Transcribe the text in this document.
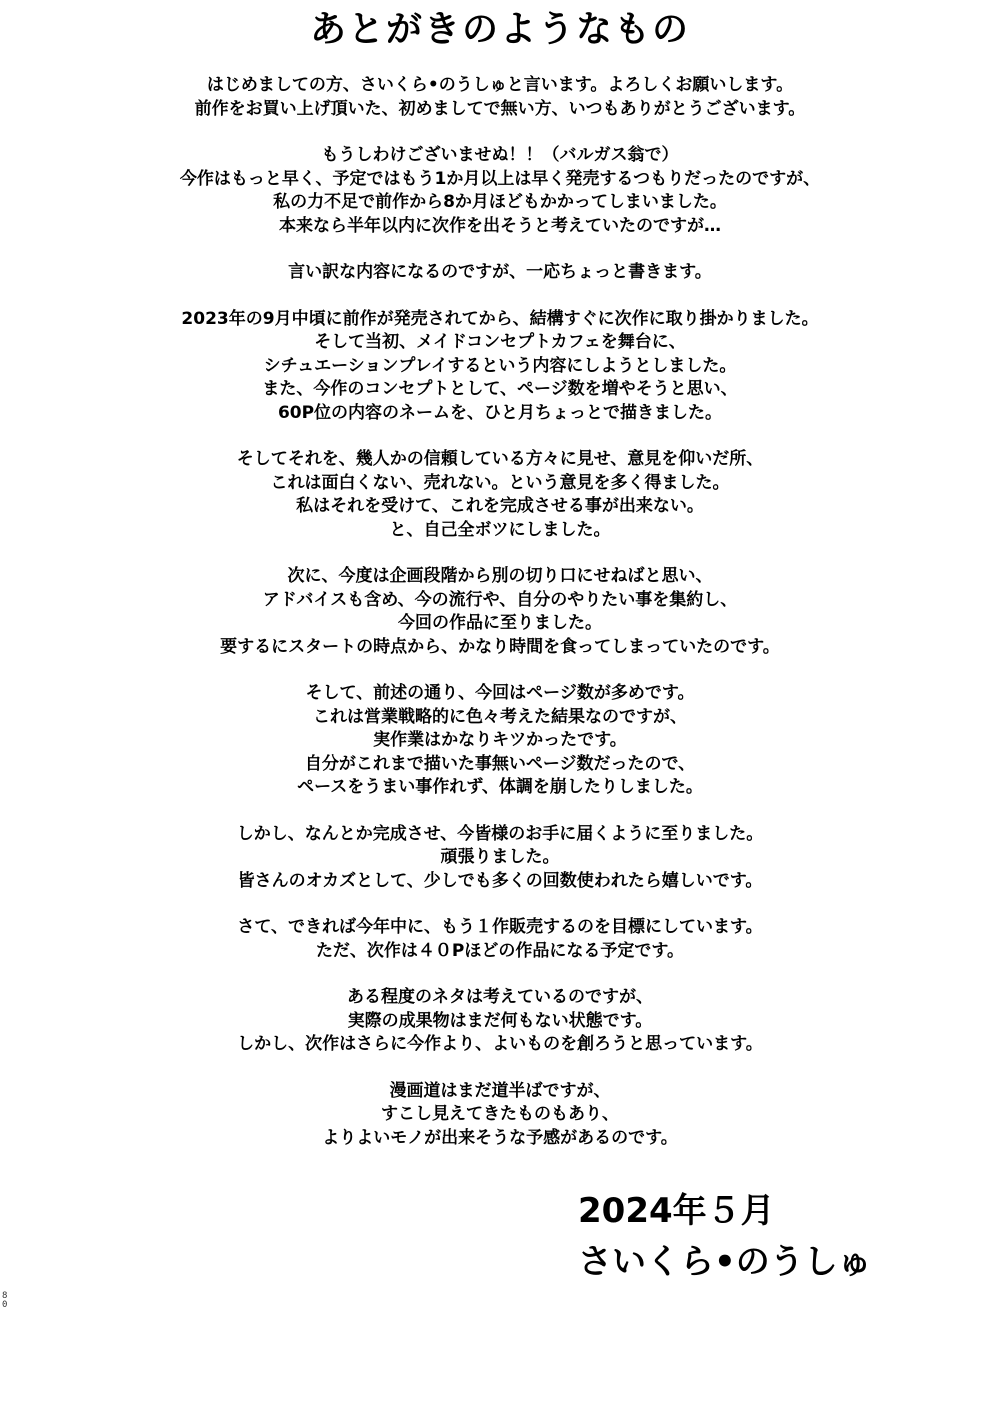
あとがきのようなもの
はじめましての方、さいくら•のうしゅと言います。よろしくお願いします。
前作をお買い上げ頂いた、初めましてで無い方、いつもありがとうございます。
もうしわけございませぬ！！（バルガス翁で）
今作はもっと早く、予定ではもう1か月以上は早く発売するつもりだったのですが、
私の力不足で前作から8か月ほどもかかってしまいました。
本来なら半年以内に次作を出そうと考えていたのですが…
言い訳な内容になるのですが、一応ちょっと書きます。
2023年の9月中頃に前作が発売されてから、結構すぐに次作に取り掛かりました。
そして当初、メイドコンセプトカフェを舞台に、
シチュエーションプレイするという内容にしようとしました。
また、今作のコンセプトとして、ページ数を増やそうと思い、
60P位の内容のネームを、ひと月ちょっとで描きました。
そしてそれを、幾人かの信頼している方々に見せ、意見を仰いだ所、
これは面白くない、売れない。という意見を多く得ました。
私はそれを受けて、これを完成させる事が出来ない。
と、自己全ボツにしました。
次に、今度は企画段階から別の切り口にせねばと思い、
アドバイスも含め、今の流行や、自分のやりたい事を集約し、
今回の作品に至りました。
要するにスタートの時点から、かなり時間を食ってしまっていたのです。
そして、前述の通り、今回はページ数が多めです。
これは営業戦略的に色々考えた結果なのですが、
実作業はかなりキツかったです。
自分がこれまで描いた事無いページ数だったので、
ペースをうまい事作れず、体調を崩したりしました。
しかし、なんとか完成させ、今皆様のお手に届くように至りました。
頑張りました。
皆さんのオカズとして、少しでも多くの回数使われたら嬉しいです。
さて、できれば今年中に、もう１作販売するのを目標にしています。
ただ、次作は４０Pほどの作品になる予定です。
ある程度のネタは考えているのですが、
実際の成果物はまだ何もない状態です。
しかし、次作はさらに今作より、よいものを創ろうと思っています。
漫画道はまだ道半ばですが、
すこし見えてきたものもあり、
よりよいモノが出来そうな予感があるのです。
2024年５月
さいくら•のうしゅ
80
